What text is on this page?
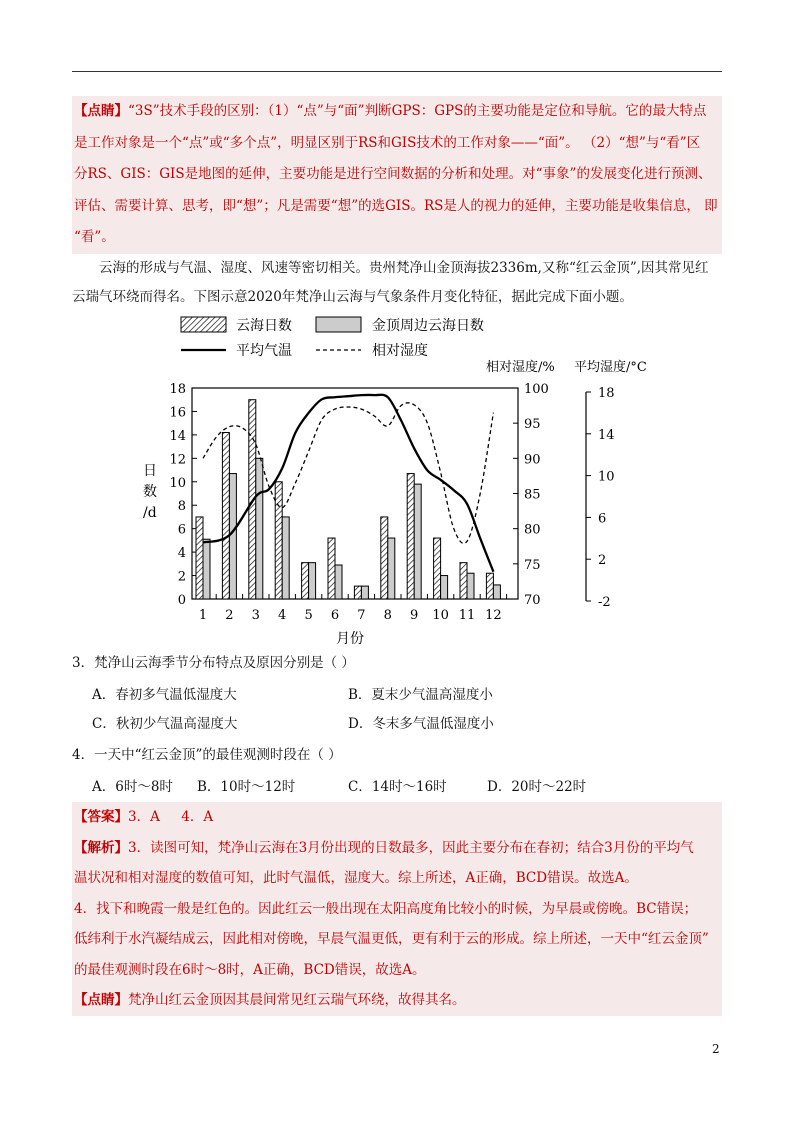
【点睛】“3S”技术手段的区别：（1）“点”与“面”判断GPS：GPS的主要功能是定位和导航。它的最大特点
是工作对象是一个“点”或“多个点”，明显区别于RS和GIS技术的工作对象——“面”。 （2）“想”与“看”区
分RS、GIS：GIS是地图的延伸，主要功能是进行空间数据的分析和处理。对“事象”的发展变化进行预测、
评估、需要计算、思考，即“想”；凡是需要“想”的选GIS。RS是人的视力的延伸，主要功能是收集信息， 即
“看”。
云海的形成与气温、湿度、风速等密切相关。贵州梵净山金顶海拔2336m,又称“红云金顶”,因其常见红
云瑞气环绕而得名。下图示意2020年梵净山云海与气象条件月变化特征，据此完成下面小题。
云海日数	金顶周边云海日数
平均气温	相对湿度
相对湿度/% 平均湿度/°C
日
数
/d
月份
0
2
4
6
8
10
12
14
16
18
70
75
80
85
90
95
100
-2
2
6
10
14
18
1 2 3 4 5 6 7 8 9 10 11 12
3．梵净山云海季节分布特点及原因分别是（ ）
A．春初多气温低湿度大	B．夏末少气温高湿度小
C．秋初少气温高湿度大	D．冬末多气温低湿度小
4．一天中“红云金顶”的最佳观测时段在（ ）
A．6时～8时 B．10时～12时	C．14时～16时	D．20时～22时
【答案】3．A     4．A
【解析】3．读图可知，梵净山云海在3月份出现的日数最多，因此主要分布在春初；结合3月份的平均气
温状况和相对湿度的数值可知，此时气温低，湿度大。综上所述，A正确，BCD错误。故选A。
4．找下和晚霞一般是红色的。因此红云一般出现在太阳高度角比较小的时候，为早晨或傍晚。BC错误；
低纬利于水汽凝结成云，因此相对傍晚，早晨气温更低，更有利于云的形成。综上所述，一天中“红云金顶”
的最佳观测时段在6时～8时，A正确，BCD错误，故选A。
【点睛】梵净山红云金顶因其晨间常见红云瑞气环绕，故得其名。
2
